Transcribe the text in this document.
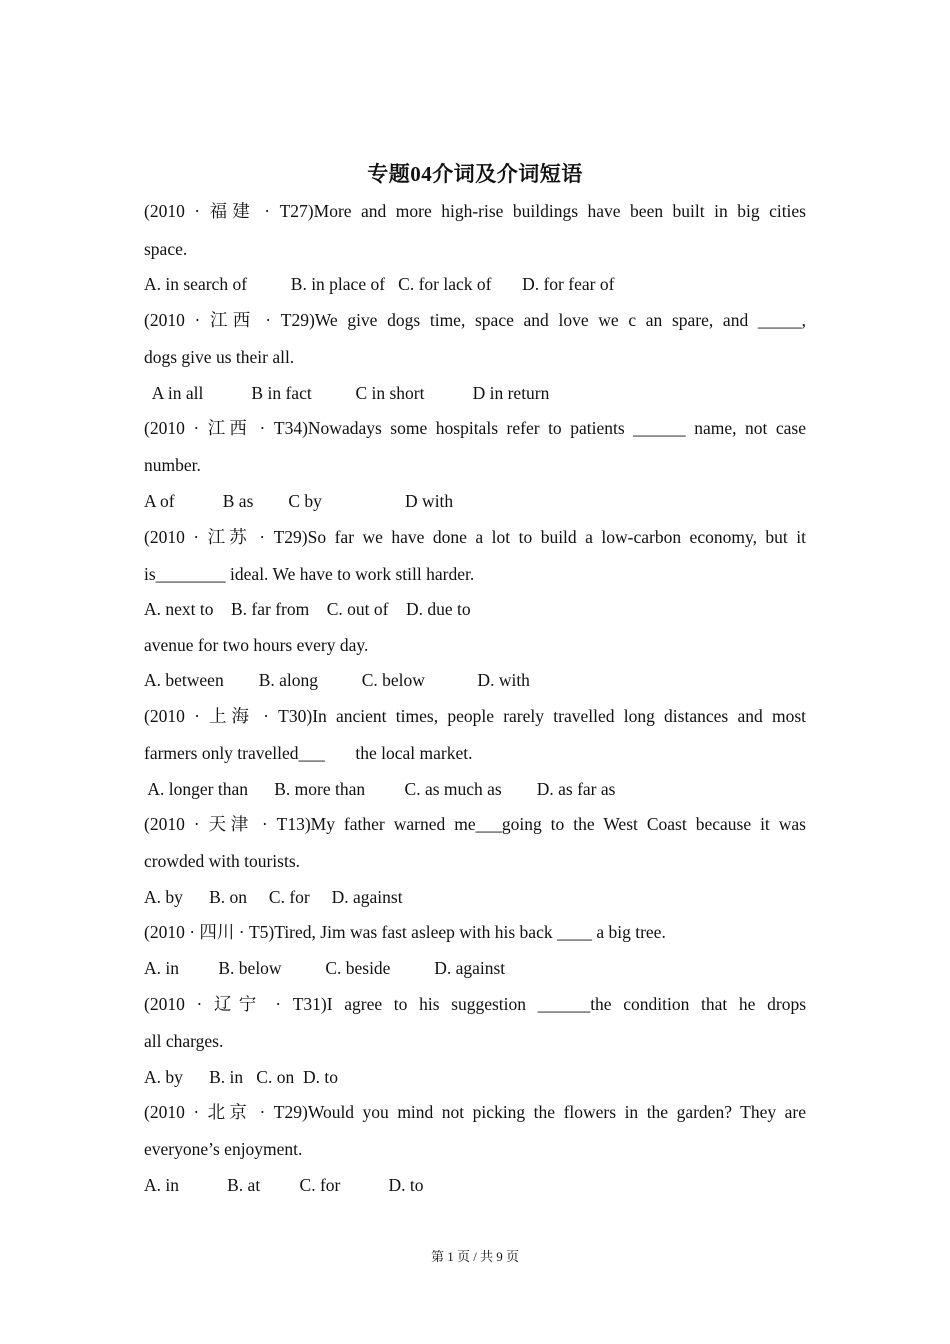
专题04介词及介词短语
(2010 · 福建 · T27)More and more high-rise buildings have been built in big cities
space.
A. in search of          B. in place of   C. for lack of       D. for fear of
(2010 · 江西 · T29)We give dogs time, space and love we c an spare, and _____,
dogs give us their all.
A in all           B in fact          C in short           D in return
(2010 · 江西 · T34)Nowadays some hospitals refer to patients ______ name, not case
number.
A of           B as        C by                   D with
(2010 · 江苏 · T29)So far we have done a lot to build a low-carbon economy, but it
is________ ideal. We have to work still harder.
A. next to    B. far from    C. out of    D. due to
avenue for two hours every day.
A. between        B. along          C. below            D. with
(2010 · 上海 · T30)In ancient times, people rarely travelled long distances and most
farmers only travelled___       the local market.
A. longer than      B. more than         C. as much as        D. as far as
(2010 · 天津 · T13)My father warned me___going to the West Coast because it was
crowded with tourists.
A. by      B. on     C. for     D. against
(2010 · 四川 · T5)Tired, Jim was fast asleep with his back ____ a big tree.
A. in         B. below          C. beside          D. against
(2010 · 辽宁 · T31)I agree to his suggestion ______the condition that he drops
all charges.
A. by      B. in   C. on  D. to
(2010 · 北京 · T29)Would you mind not picking the flowers in the garden? They are
everyone’s enjoyment.
A. in           B. at         C. for           D. to
第 1 页 / 共 9 页
